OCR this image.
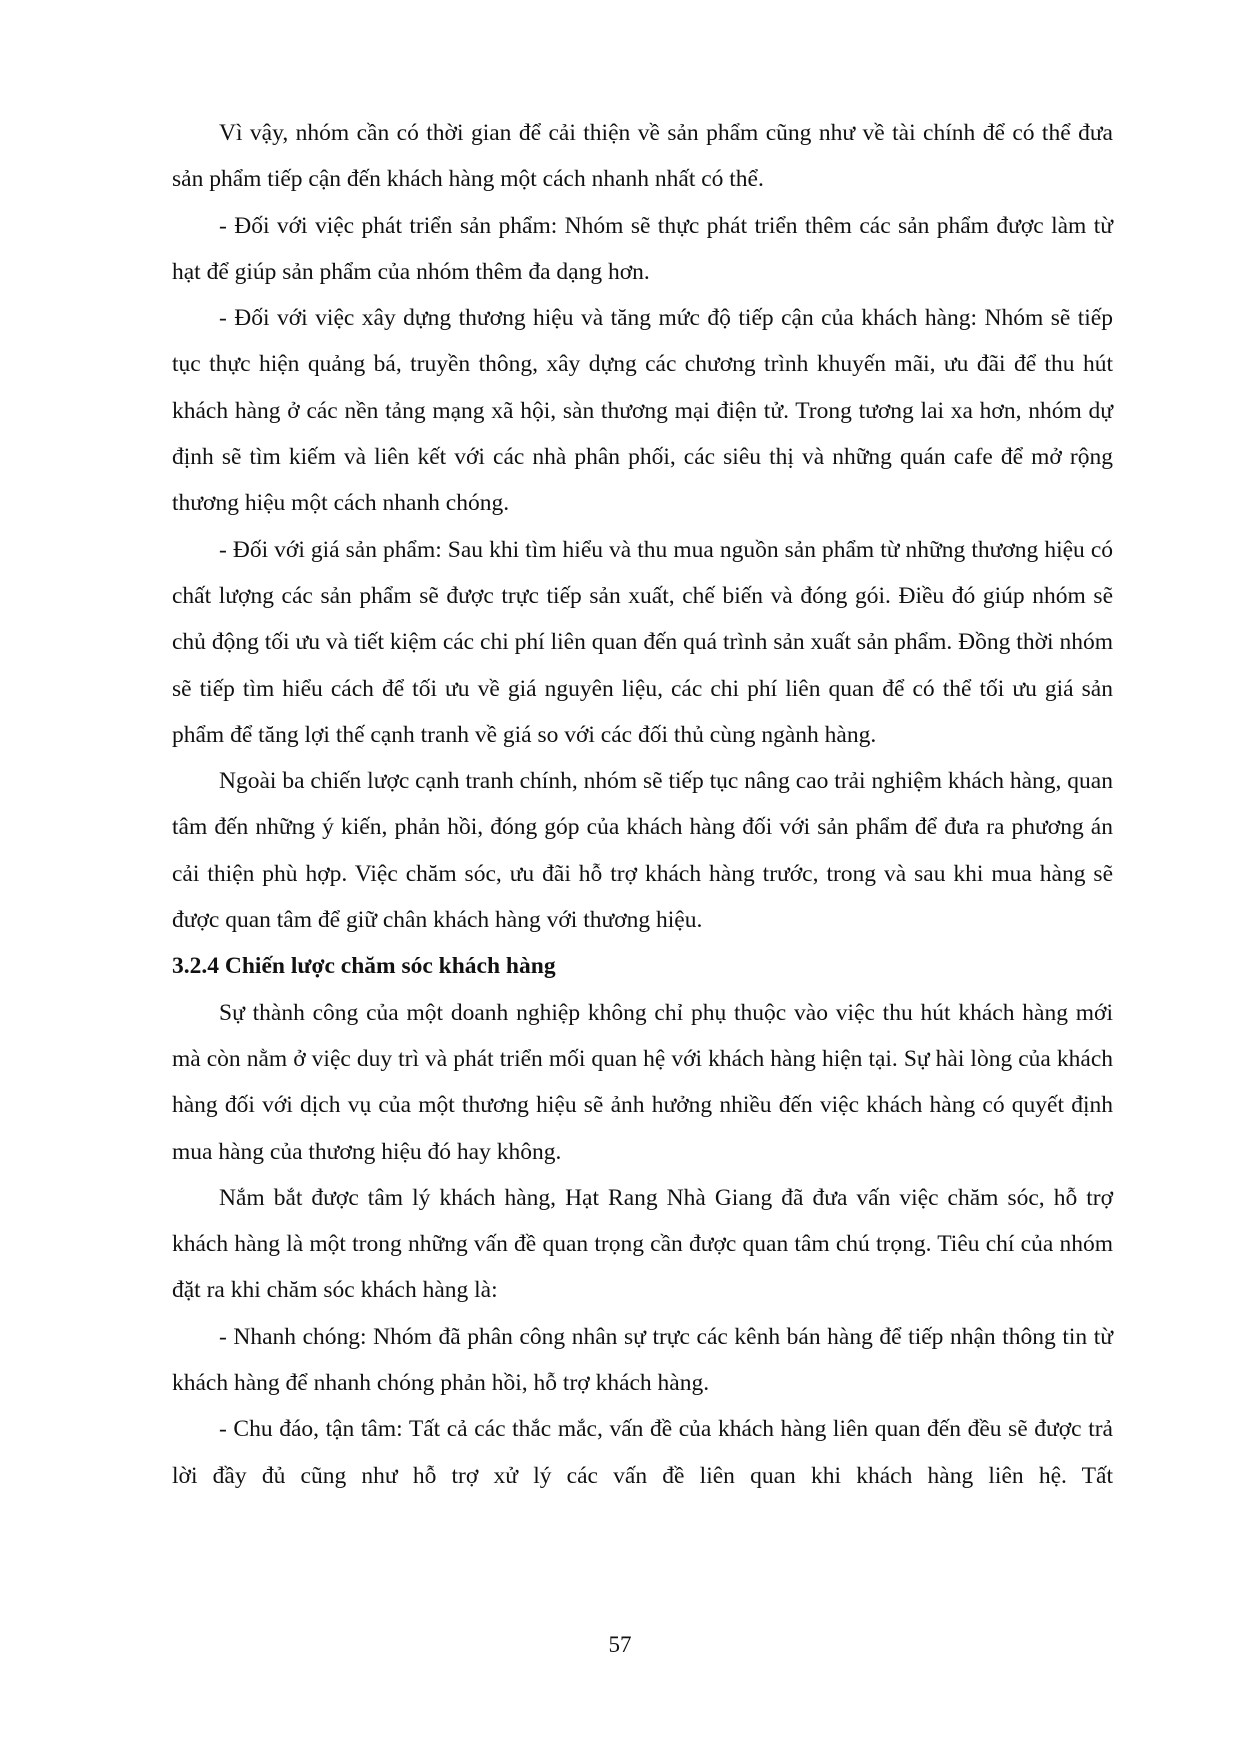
Vì vậy, nhóm cần có thời gian để cải thiện về sản phẩm cũng như về tài chính để có thể đưa sản phẩm tiếp cận đến khách hàng một cách nhanh nhất có thể.

- Đối với việc phát triển sản phẩm: Nhóm sẽ thực phát triển thêm các sản phẩm được làm từ hạt để giúp sản phẩm của nhóm thêm đa dạng hơn.

- Đối với việc xây dựng thương hiệu và tăng mức độ tiếp cận của khách hàng: Nhóm sẽ tiếp tục thực hiện quảng bá, truyền thông, xây dựng các chương trình khuyến mãi, ưu đãi để thu hút khách hàng ở các nền tảng mạng xã hội, sàn thương mại điện tử. Trong tương lai xa hơn, nhóm dự định sẽ tìm kiếm và liên kết với các nhà phân phối, các siêu thị và những quán cafe để mở rộng thương hiệu một cách nhanh chóng.

- Đối với giá sản phẩm: Sau khi tìm hiểu và thu mua nguồn sản phẩm từ những thương hiệu có chất lượng các sản phẩm sẽ được trực tiếp sản xuất, chế biến và đóng gói. Điều đó giúp nhóm sẽ chủ động tối ưu và tiết kiệm các chi phí liên quan đến quá trình sản xuất sản phẩm. Đồng thời nhóm sẽ tiếp tìm hiểu cách để tối ưu về giá nguyên liệu, các chi phí liên quan để có thể tối ưu giá sản phẩm để tăng lợi thế cạnh tranh về giá so với các đối thủ cùng ngành hàng.

Ngoài ba chiến lược cạnh tranh chính, nhóm sẽ tiếp tục nâng cao trải nghiệm khách hàng, quan tâm đến những ý kiến, phản hồi, đóng góp của khách hàng đối với sản phẩm để đưa ra phương án cải thiện phù hợp. Việc chăm sóc, ưu đãi hỗ trợ khách hàng trước, trong và sau khi mua hàng sẽ được quan tâm để giữ chân khách hàng với thương hiệu.

3.2.4 Chiến lược chăm sóc khách hàng

Sự thành công của một doanh nghiệp không chỉ phụ thuộc vào việc thu hút khách hàng mới mà còn nằm ở việc duy trì và phát triển mối quan hệ với khách hàng hiện tại. Sự hài lòng của khách hàng đối với dịch vụ của một thương hiệu sẽ ảnh hưởng nhiều đến việc khách hàng có quyết định mua hàng của thương hiệu đó hay không.

Nắm bắt được tâm lý khách hàng, Hạt Rang Nhà Giang đã đưa vấn việc chăm sóc, hỗ trợ khách hàng là một trong những vấn đề quan trọng cần được quan tâm chú trọng. Tiêu chí của nhóm đặt ra khi chăm sóc khách hàng là:

- Nhanh chóng: Nhóm đã phân công nhân sự trực các kênh bán hàng để tiếp nhận thông tin từ khách hàng để nhanh chóng phản hồi, hỗ trợ khách hàng.

- Chu đáo, tận tâm: Tất cả các thắc mắc, vấn đề của khách hàng liên quan đến đều sẽ được trả lời đầy đủ cũng như hỗ trợ xử lý các vấn đề liên quan khi khách hàng liên hệ. Tất

57
